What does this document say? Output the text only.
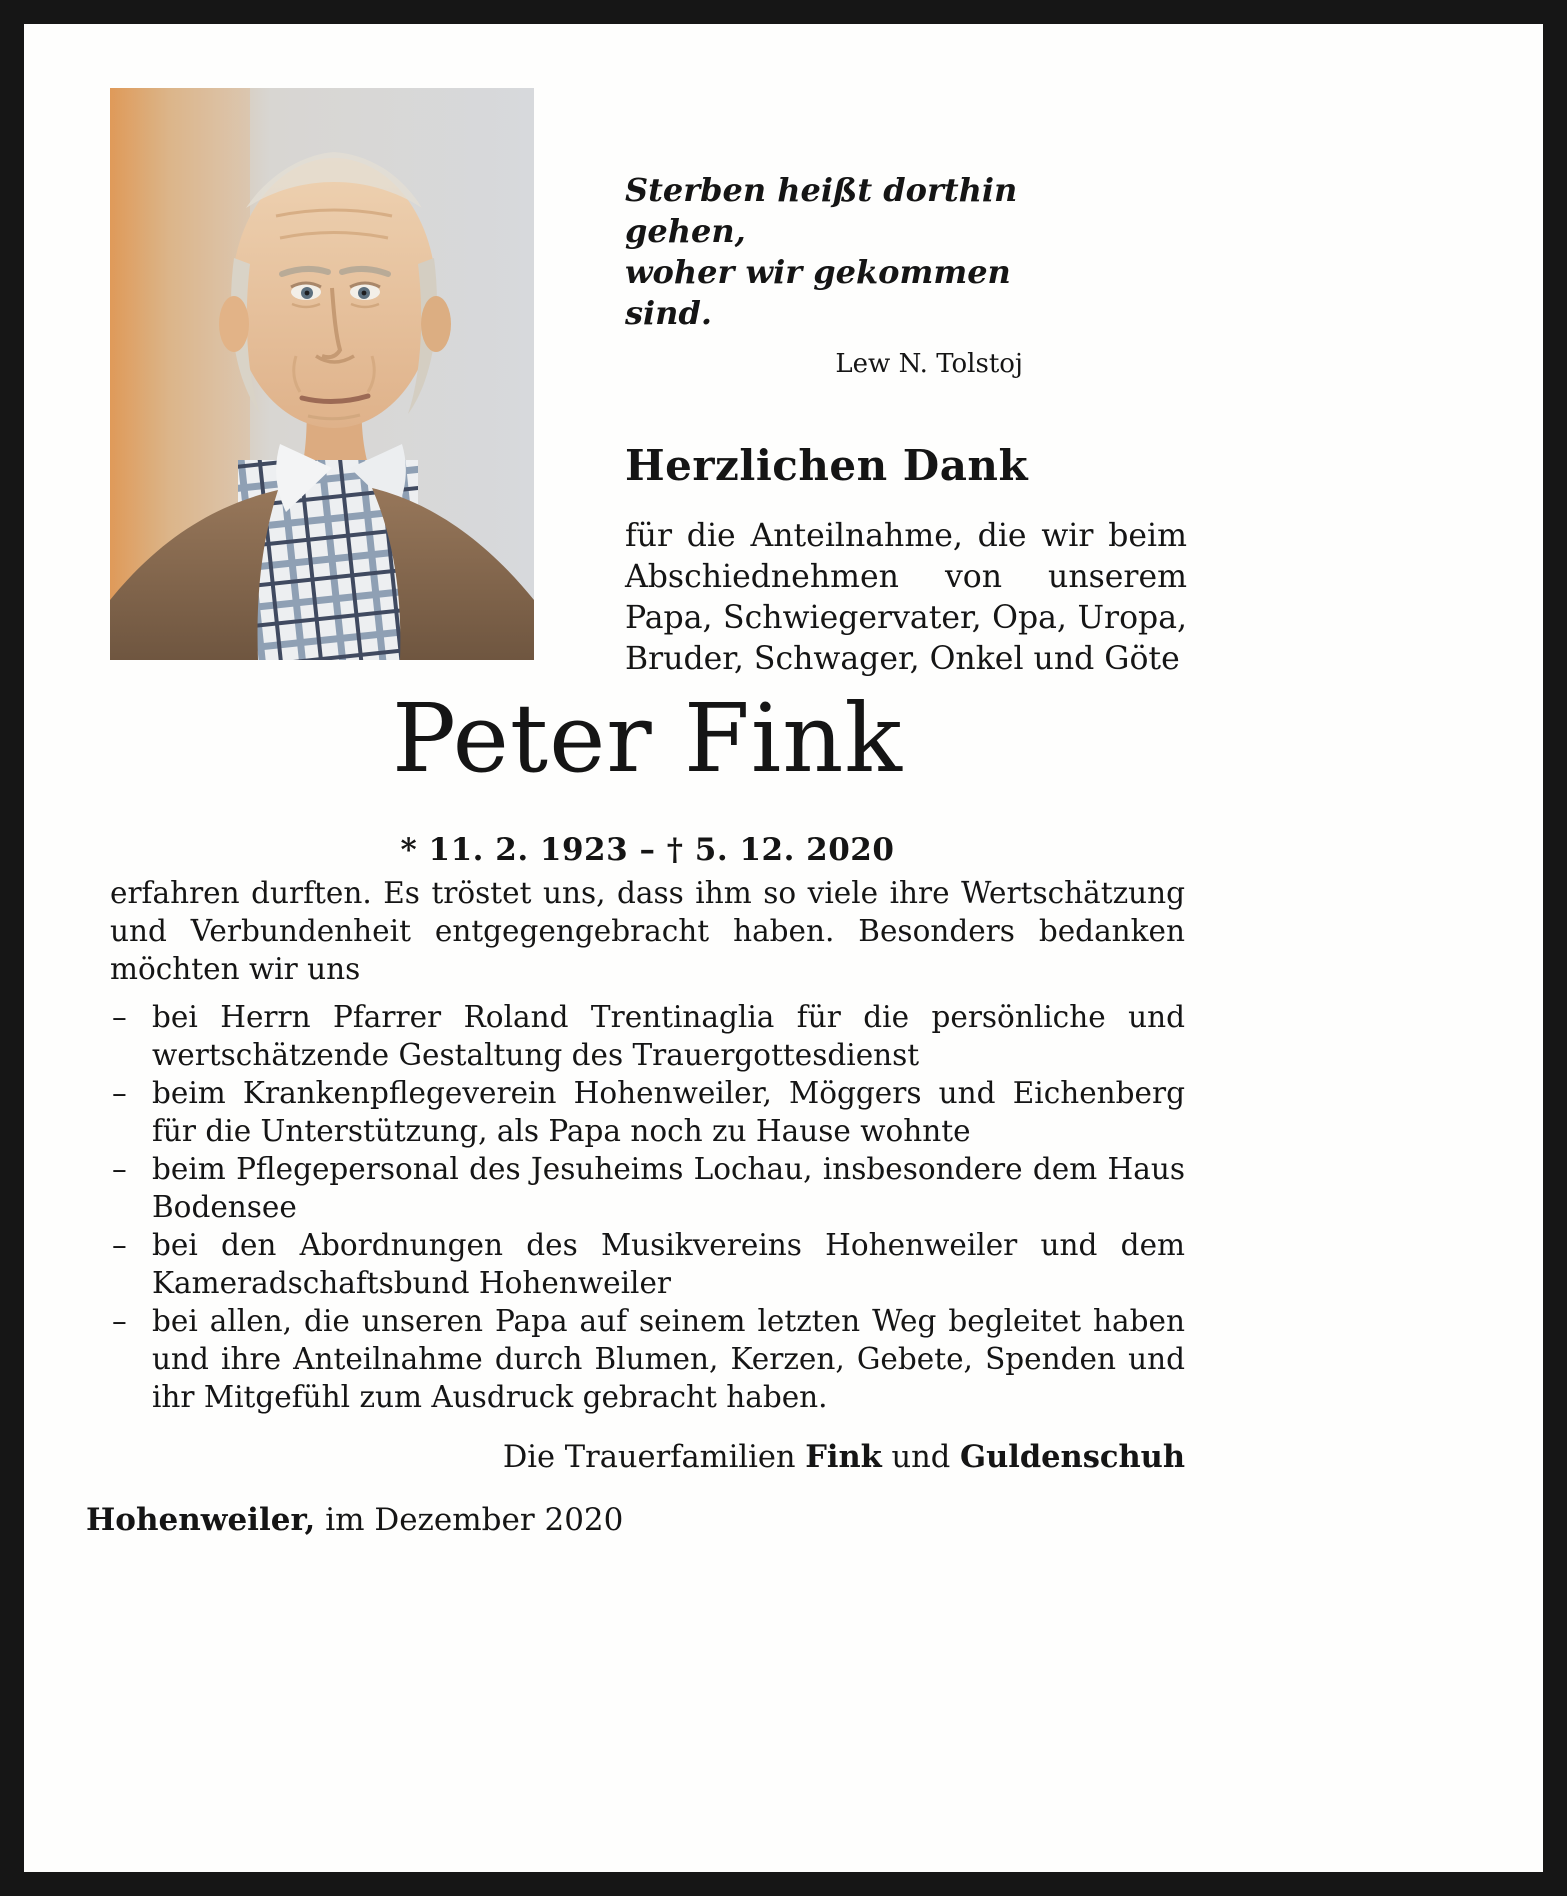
Sterben heißt dorthin gehen,
woher wir gekommen sind.
Lew N. Tolstoj
Herzlichen Dank
für die Anteilnahme, die wir beim Abschiednehmen von unserem Papa, Schwiegervater, Opa, Uropa, Bruder, Schwager, Onkel und Göte
Peter Fink
* 11. 2. 1923 – † 5. 12. 2020
erfahren durften. Es tröstet uns, dass ihm so viele ihre Wertschätzung und Verbundenheit entgegengebracht haben. Besonders bedanken möchten wir uns
– bei Herrn Pfarrer Roland Trentinaglia für die persönliche und wertschätzende Gestaltung des Trauergottesdienst
– beim Krankenpflegeverein Hohenweiler, Möggers und Eichenberg für die Unterstützung, als Papa noch zu Hause wohnte
– beim Pflegepersonal des Jesuheims Lochau, insbesondere dem Haus Bodensee
– bei den Abordnungen des Musikvereins Hohenweiler und dem Kameradschaftsbund Hohenweiler
– bei allen, die unseren Papa auf seinem letzten Weg begleitet haben und ihre Anteilnahme durch Blumen, Kerzen, Gebete, Spenden und ihr Mitgefühl zum Ausdruck gebracht haben.
Die Trauerfamilien Fink und Guldenschuh
Hohenweiler, im Dezember 2020
